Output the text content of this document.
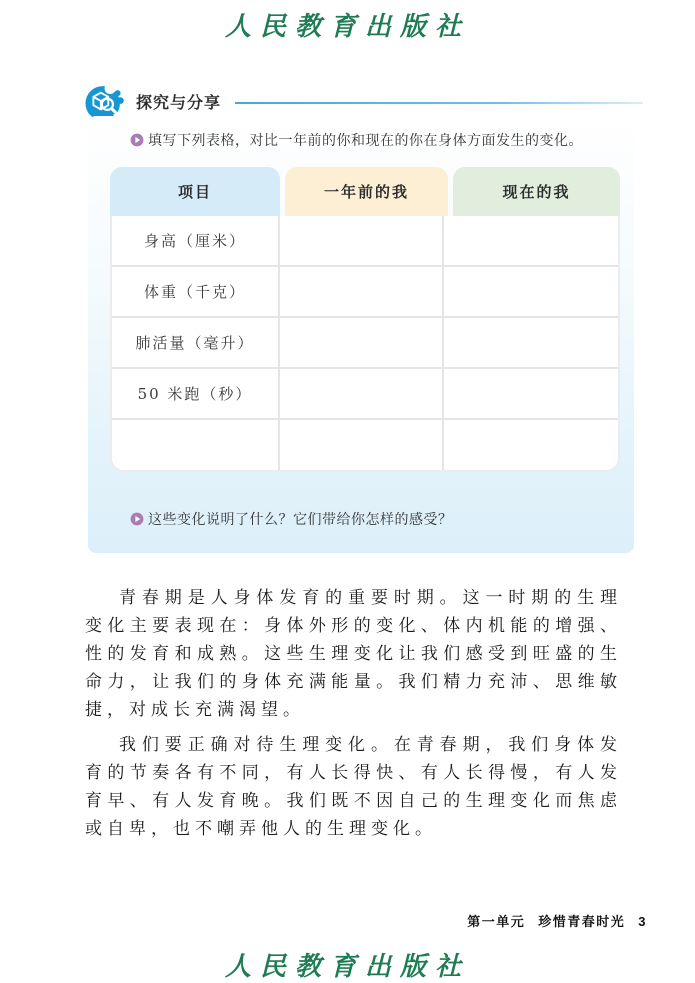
人民教育出版社
探究与分享
填写下列表格，对比一年前的你和现在的你在身体方面发生的变化。
项目	一年前的我	现在的我
身高（厘米）
体重（千克）
肺活量（毫升）
50 米跑（秒）
这些变化说明了什么？它们带给你怎样的感受？

青春期是人身体发育的重要时期。这一时期的生理变化主要表现在：身体外形的变化、体内机能的增强、性的发育和成熟。这些生理变化让我们感受到旺盛的生命力，让我们的身体充满能量。我们精力充沛、思维敏捷，对成长充满渴望。

我们要正确对待生理变化。在青春期，我们身体发育的节奏各有不同，有人长得快、有人长得慢，有人发育早、有人发育晚。我们既不因自己的生理变化而焦虑或自卑，也不嘲弄他人的生理变化。

第一单元 珍惜青春时光 3
人民教育出版社
